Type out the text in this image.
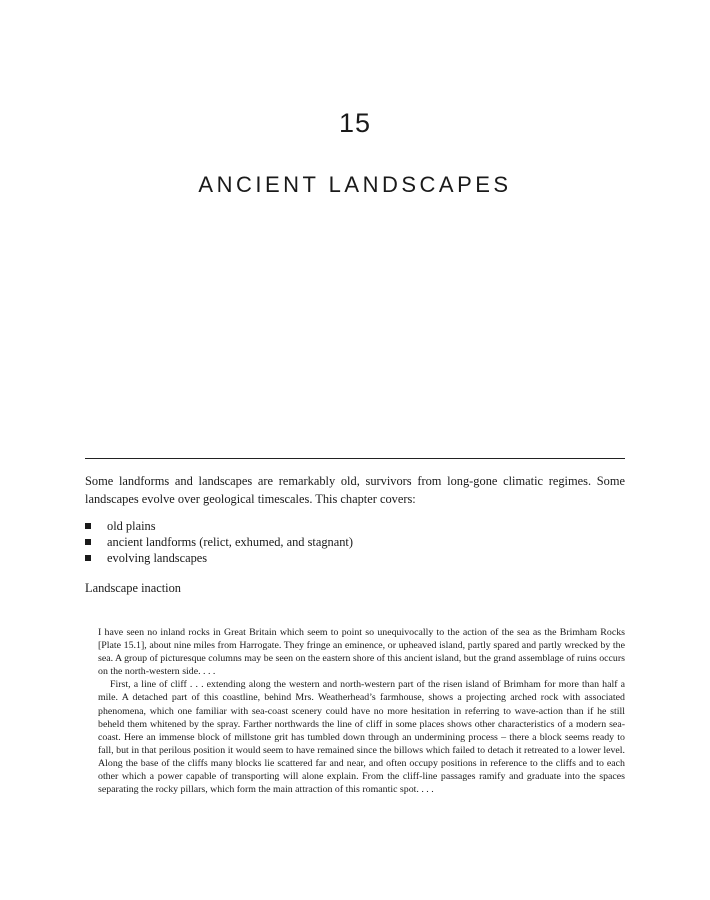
15
ANCIENT LANDSCAPES

Some landforms and landscapes are remarkably old, survivors from long-gone climatic regimes. Some landscapes evolve over geological timescales. This chapter covers:

old plains
ancient landforms (relict, exhumed, and stagnant)
evolving landscapes
Landscape inaction

I have seen no inland rocks in Great Britain which seem to point so unequivocally to the action of the sea as the Brimham Rocks [Plate 15.1], about nine miles from Harrogate. They fringe an eminence, or upheaved island, partly spared and partly wrecked by the sea. A group of picturesque columns may be seen on the eastern shore of this ancient island, but the grand assemblage of ruins occurs on the north-western side. . . .

First, a line of cliff . . . extending along the western and north-western part of the risen island of Brimham for more than half a mile. A detached part of this coastline, behind Mrs. Weatherhead’s farmhouse, shows a projecting arched rock with associated phenomena, which one familiar with sea-coast scenery could have no more hesitation in referring to wave-action than if he still beheld them whitened by the spray. Farther northwards the line of cliff in some places shows other characteristics of a modern sea-coast. Here an immense block of millstone grit has tumbled down through an undermining process – there a block seems ready to fall, but in that perilous position it would seem to have remained since the billows which failed to detach it retreated to a lower level. Along the base of the cliffs many blocks lie scattered far and near, and often occupy positions in reference to the cliffs and to each other which a power capable of transporting will alone explain. From the cliff-line passages ramify and graduate into the spaces separating the rocky pillars, which form the main attraction of this romantic spot. . . .
